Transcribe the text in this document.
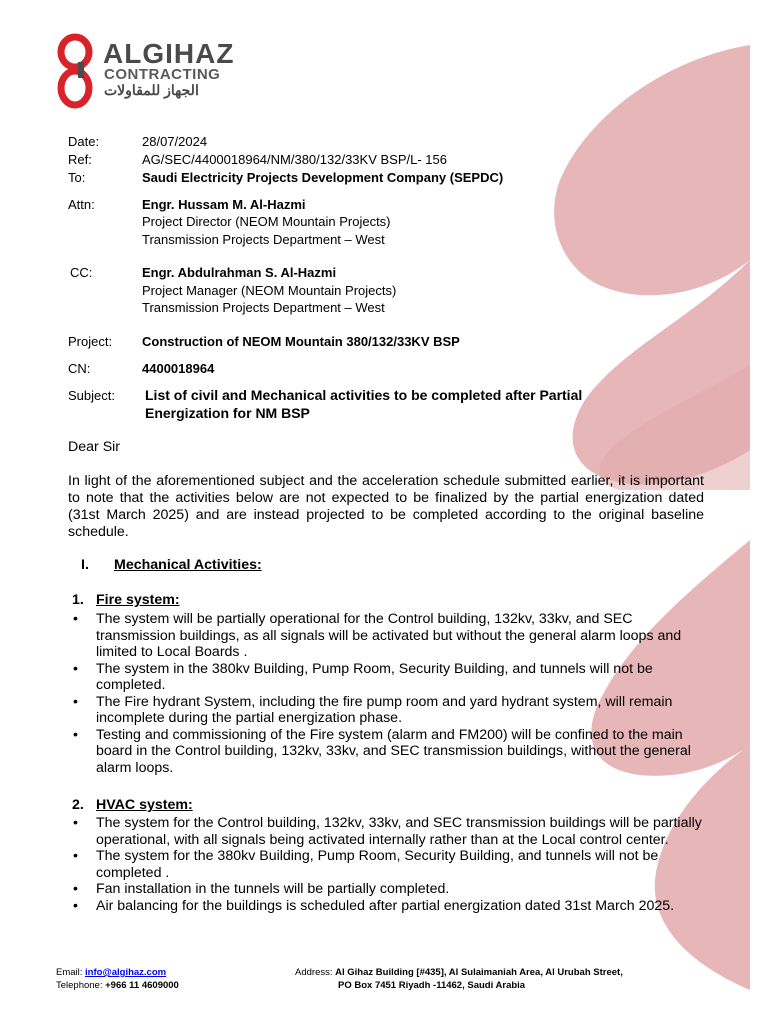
ALGIHAZ
CONTRACTING
الجهاز للمقاولات
Date:	28/07/2024
Ref:	AG/SEC/4400018964/NM/380/132/33KV BSP/L- 156
To:	Saudi Electricity Projects Development Company (SEPDC)
Attn:	Engr. Hussam M. Al-Hazmi
Project Director (NEOM Mountain Projects)
Transmission Projects Department – West
CC:	Engr. Abdulrahman S. Al-Hazmi
Project Manager (NEOM Mountain Projects)
Transmission Projects Department – West
Project: Construction of NEOM Mountain 380/132/33KV BSP
CN:	4400018964
Subject: List of civil and Mechanical activities to be completed after Partial
Energization for NM BSP
Dear Sir
In light of the aforementioned subject and the acceleration schedule submitted earlier, it is important to note that the activities below are not expected to be finalized by the partial energization dated (31st March 2025) and are instead projected to be completed according to the original baseline schedule.
I. Mechanical Activities:
1. Fire system:
• The system will be partially operational for the Control building, 132kv, 33kv, and SEC transmission buildings, as all signals will be activated but without the general alarm loops and limited to Local Boards .
• The system in the 380kv Building, Pump Room, Security Building, and tunnels will not be completed.
• The Fire hydrant System, including the fire pump room and yard hydrant system, will remain incomplete during the partial energization phase.
• Testing and commissioning of the Fire system (alarm and FM200) will be confined to the main board in the Control building, 132kv, 33kv, and SEC transmission buildings, without the general alarm loops.
2. HVAC system:
• The system for the Control building, 132kv, 33kv, and SEC transmission buildings will be partially operational, with all signals being activated internally rather than at the Local control center.
• The system for the 380kv Building, Pump Room, Security Building, and tunnels will not be completed .
• Fan installation in the tunnels will be partially completed.
• Air balancing for the buildings is scheduled after partial energization dated 31st March 2025.
Email: info@algihaz.com
Telephone: +966 11 4609000
Address: Al Gihaz Building [#435], Al Sulaimaniah Area, Al Urubah Street,
PO Box 7451 Riyadh -11462, Saudi Arabia
